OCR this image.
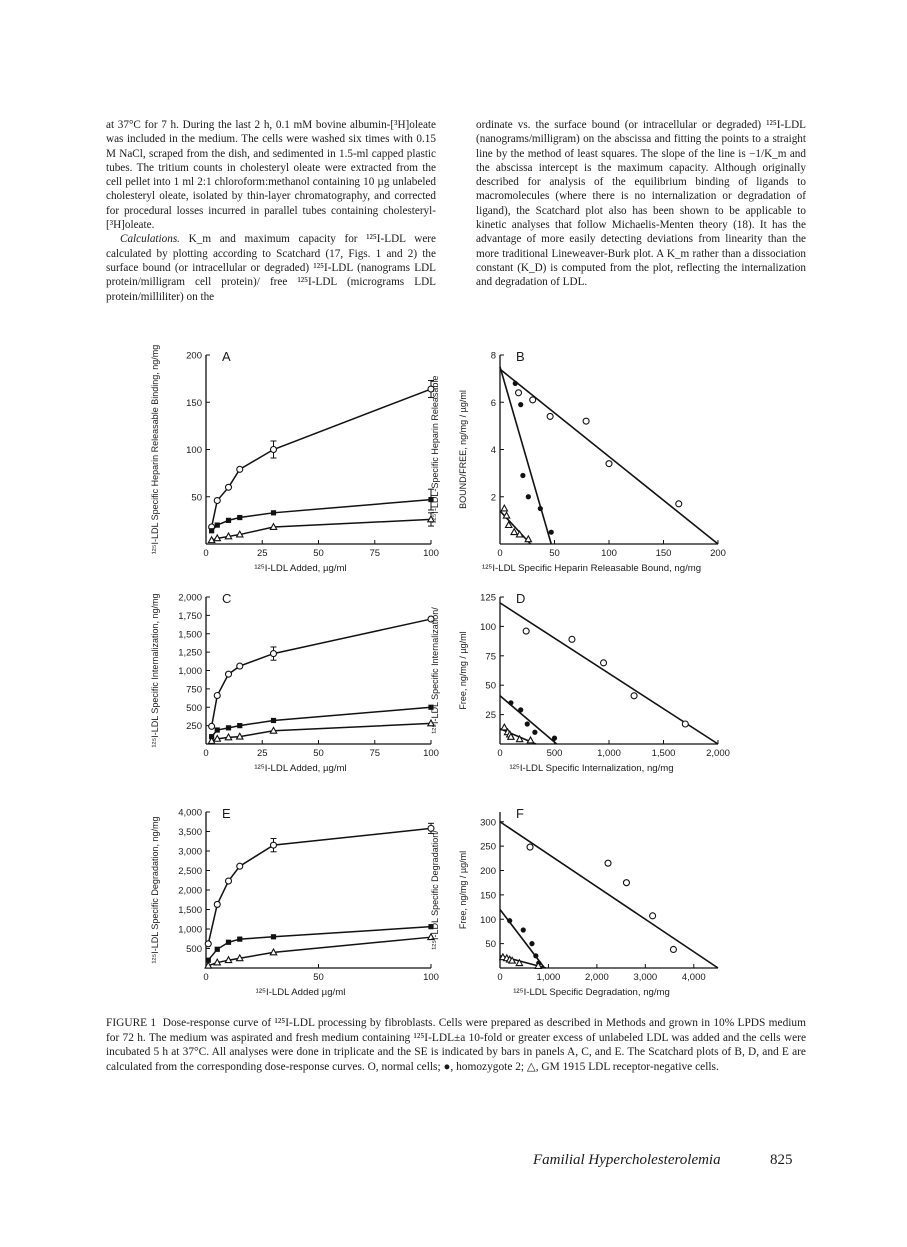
at 37°C for 7 h. During the last 2 h, 0.1 mM bovine albumin-[³H]oleate was included in the medium. The cells were washed six times with 0.15 M NaCl, scraped from the dish, and sedimented in 1.5-ml capped plastic tubes. The tritium counts in cholesteryl oleate were extracted from the cell pellet into 1 ml 2:1 chloroform:methanol containing 10 µg unlabeled cholesteryl oleate, isolated by thin-layer chromatography, and corrected for procedural losses incurred in parallel tubes containing cholesteryl-[³H]oleate.

Calculations. K_m and maximum capacity for ¹²⁵I-LDL were calculated by plotting according to Scatchard (17, Figs. 1 and 2) the surface bound (or intracellular or degraded) ¹²⁵I-LDL (nanograms LDL protein/milligram cell protein)/ free ¹²⁵I-LDL (micrograms LDL protein/milliliter) on the

ordinate vs. the surface bound (or intracellular or degraded) ¹²⁵I-LDL (nanograms/milligram) on the abscissa and fitting the points to a straight line by the method of least squares. The slope of the line is −1/K_m and the abscissa intercept is the maximum capacity. Although originally described for analysis of the equilibrium binding of ligands to macromolecules (where there is no internalization or degradation of ligand), the Scatchard plot also has been shown to be applicable to kinetic analyses that follow Michaelis-Menten theory (18). It has the advantage of more easily detecting deviations from linearity than the more traditional Lineweaver-Burk plot. A K_m rather than a dissociation constant (K_D) is computed from the plot, reflecting the internalization and degradation of LDL.

A
50
100
150
200
0	25	50	75	100
¹²⁵I-LDL Added, µg/ml
¹²⁵I-LDL Specific Heparin Releasable Binding, ng/mg	B
2
4
6
8
0	50	100	150	200
¹²⁵I-LDL Specific Heparin Releasable Bound, ng/mg
BOUND/FREE, ng/mg / µg/ml
¹²⁵I-LDL-Specific Heparin Releasable
C
250
500
750
1,000
1,250
1,500
1,750
2,000
0	25	50	75	100
¹²⁵I-LDL Added, µg/ml
¹²⁵I-LDL Specific Internalization, ng/mg	D
25
50
75
100
125
0	500	1,000	1,500	2,000
¹²⁵I-LDL Specific Internalization, ng/mg
Free, ng/mg / µg/ml
¹²⁵I-LDL Specific Internalization/
E
500
1,000
1,500
2,000
2,500
3,000
3,500
4,000
0	50	100
¹²⁵I-LDL Added µg/ml
¹²⁵I-LDL Specific Degradation, ng/mg
F
50
100
150
200
250
300
0	1,000	2,000	3,000	4,000
¹²⁵I-LDL Specific Degradation, ng/mg
Free, ng/mg / µg/ml
¹²⁵I-LDL Specific Degradation/
FIGURE 1 Dose-response curve of ¹²⁵I-LDL processing by fibroblasts. Cells were prepared as described in Methods and grown in 10% LPDS medium for 72 h. The medium was aspirated and fresh medium containing ¹²⁵I-LDL±a 10-fold or greater excess of unlabeled LDL was added and the cells were incubated 5 h at 37°C. All analyses were done in triplicate and the SE is indicated by bars in panels A, C, and E. The Scatchard plots of B, D, and E are calculated from the corresponding dose-response curves. O, normal cells; ●, homozygote 2; △, GM 1915 LDL receptor-negative cells.
Familial Hypercholesterolemia	825
